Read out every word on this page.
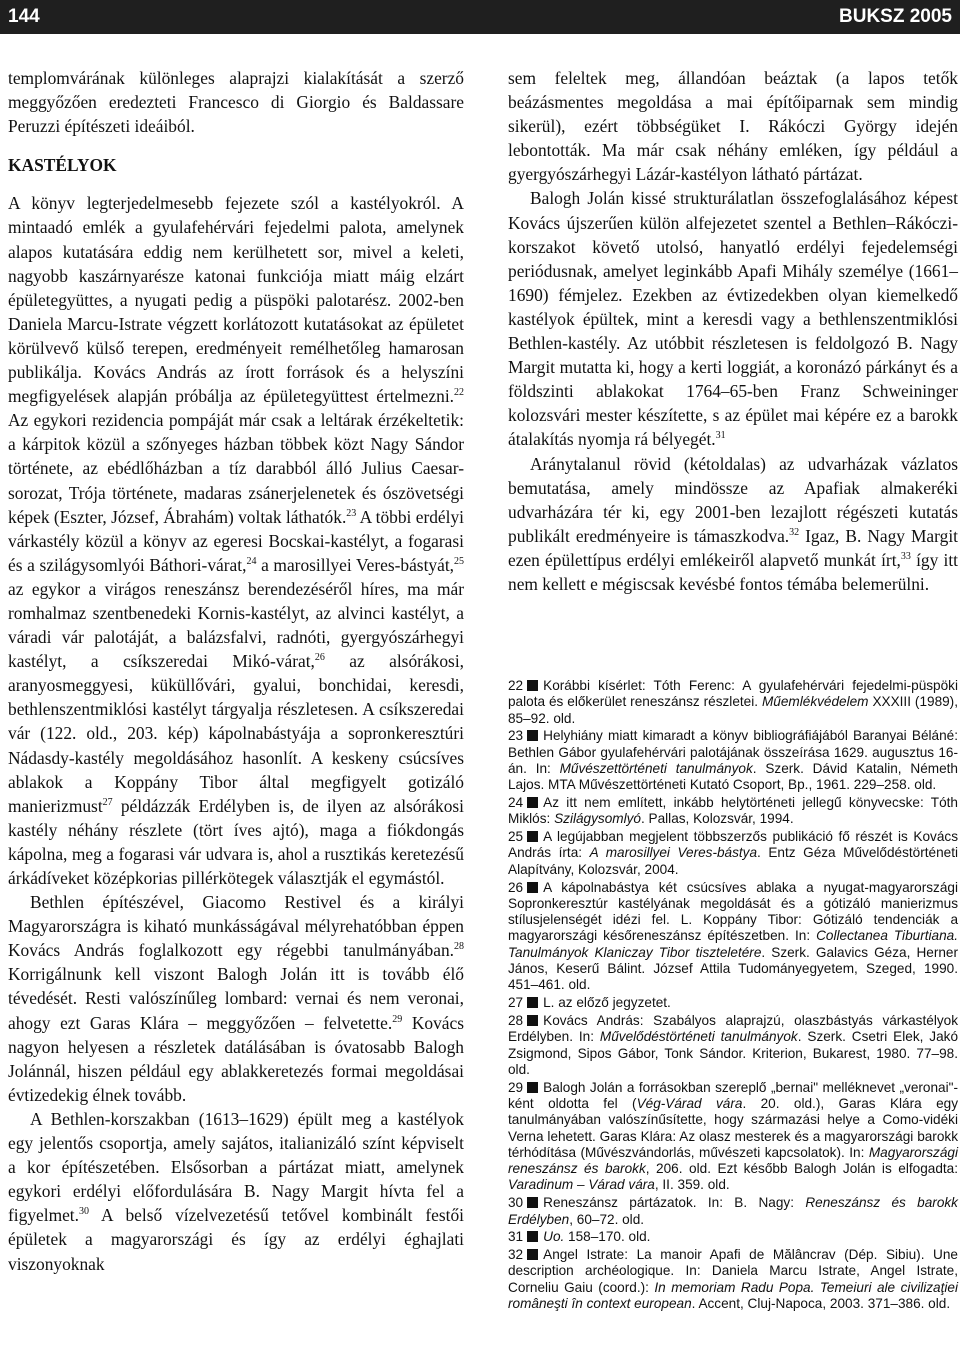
144	BUKSZ 2005

templomvárának különleges alaprajzi kialakítását a szerző meggyőzően eredezteti Francesco di Giorgio és Baldassare Peruzzi építészeti ideáiból.

KASTÉLYOK

A könyv legterjedelmesebb fejezete szól a kastélyokról. A mintaadó emlék a gyulafehérvári fejedelmi palota, amelynek alapos kutatására eddig nem kerülhetett sor, mivel a keleti, nagyobb kaszárnyarésze katonai funkciója miatt máig elzárt épületegyüttes, a nyugati pedig a püspöki palotarész. 2002-ben Daniela Marcu-Istrate végzett korlátozott kutatásokat az épületet körülvevő külső terepen, eredményeit remélhetőleg hamarosan publikálja. Kovács András az írott források és a helyszíni megfigyelések alapján próbálja az épületegyüttest értelmezni.$^{22}$ Az egykori rezidencia pompáját már csak a leltárak érzékeltetik: a kárpitok közül a szőnyeges házban többek közt Nagy Sándor története, az ebédlőházban a tíz darabból álló Julius Caesar-sorozat, Trója története, madaras zsánerjelenetek és ószövetségi képek (Eszter, József, Ábrahám) voltak láthatók.$^{23}$ A többi erdélyi várkastély közül a könyv az egeresi Bocskai-kastélyt, a fogarasi és a szilágysomlyói Báthori-várat,$^{24}$ a marosillyei Veres-bástyát,$^{25}$ az egykor a virágos reneszánsz berendezéséről híres, ma már romhalmaz szentbenedeki Kornis-kastélyt, az alvinci kastélyt, a váradi vár palotáját, a balázsfalvi, radnóti, gyergyószárhegyi kastélyt, a csíkszeredai Mikó-várat,$^{26}$ az alsórákosi, aranyosmeggyesi, küküllővári, gyalui, bonchidai, keresdi, bethlenszentmiklósi kastélyt tárgyalja részletesen. A csíkszeredai vár (122. old., 203. kép) kápolnabástyája a sopronkeresztúri Nádasdy-kastély megoldásához hasonlít. A keskeny csúcsíves ablakok a Koppány Tibor által megfigyelt gotizáló manierizmust$^{27}$ példázzák Erdélyben is, de ilyen az alsórákosi kastély néhány részlete (tört íves ajtó), maga a fiókdongás kápolna, meg a fogarasi vár udvara is, ahol a rusztikás keretezésű árkádíveket középkorias pillérkötegek választják el egymástól.

Bethlen építészével, Giacomo Restivel és a királyi Magyarországra is kiható munkásságával mélyrehatóbban éppen Kovács András foglalkozott egy régebbi tanulmányában.$^{28}$ Korrigálnunk kell viszont Balogh Jolán itt is tovább élő tévedését. Resti valószínűleg lombard: vernai és nem veronai, ahogy ezt Garas Klára – meggyőzően – felvetette.$^{29}$ Kovács nagyon helyesen a részletek datálásában is óvatosabb Balogh Jolánnál, hiszen például egy ablakkeretezés formai megoldásai évtizedekig élnek tovább.

A Bethlen-korszakban (1613–1629) épült meg a kastélyok egy jelentős csoportja, amely sajátos, italianizáló színt képviselt a kor építészetében. Elsősorban a pártázat miatt, amelynek egykori erdélyi előfordulására B. Nagy Margit hívta fel a figyelmet.$^{30}$ A belső vízelvezetésű tetővel kombinált festői épületek a magyarországi és így az erdélyi éghajlati viszonyoknak

sem feleltek meg, állandóan beáztak (a lapos tetők beázásmentes megoldása a mai építőiparnak sem mindig sikerül), ezért többségüket I. Rákóczi György idején lebontották. Ma már csak néhány emléken, így például a gyergyószárhegyi Lázár-kastélyon látható pártázat.

Balogh Jolán kissé strukturálatlan összefoglalásához képest Kovács újszerűen külön alfejezetet szentel a Bethlen–Rákóczi-korszakot követő utolsó, hanyatló erdélyi fejedelemségi periódusnak, amelyet leginkább Apafi Mihály személye (1661–1690) fémjelez. Ezekben az évtizedekben olyan kiemelkedő kastélyok épültek, mint a keresdi vagy a bethlenszentmiklósi Bethlen-kastély. Az utóbbit részletesen is feldolgozó B. Nagy Margit mutatta ki, hogy a kerti loggiát, a koronázó párkányt és a földszinti ablakokat 1764–65-ben Franz Schweininger kolozsvári mester készítette, s az épület mai képére ez a barokk átalakítás nyomja rá bélyegét.$^{31}$

Aránytalanul rövid (kétoldalas) az udvarházak vázlatos bemutatása, amely mindössze az Apafiak almakeréki udvarházára tér ki, egy 2001-ben lezajlott régészeti kutatás publikált eredményeire is támaszkodva.$^{32}$ Igaz, B. Nagy Margit ezen épülettípus erdélyi emlékeiről alapvető munkát írt,$^{33}$ így itt nem kellett e mégiscsak kevésbé fontos témába belemerülni.

22 Korábbi kísérlet: Tóth Ferenc: A gyulafehérvári fejedelmi-püspöki palota és előkerület reneszánsz részletei. Műemlékvédelem XXXIII (1989), 85–92. old.

23 Helyhiány miatt kimaradt a könyv bibliográfiájából Baranyai Béláné: Bethlen Gábor gyulafehérvári palotájának összeírása 1629. augusztus 16-án. In: Művészettörténeti tanulmányok. Szerk. Dávid Katalin, Németh Lajos. MTA Művészettörténeti Kutató Csoport, Bp., 1961. 229–258. old.

24 Az itt nem említett, inkább helytörténeti jellegű könyvecske: Tóth Miklós: Szilágysomlyó. Pallas, Kolozsvár, 1994.

25 A legújabban megjelent többszerzős publikáció fő részét is Kovács András írta: A marosillyei Veres-bástya. Entz Géza Művelődéstörténeti Alapítvány, Kolozsvár, 2004.

26 A kápolnabástya két csúcsíves ablaka a nyugat-magyarországi Sopronkeresztúr kastélyának megoldását és a gótizáló manierizmus stílusjelenségét idézi fel. L. Koppány Tibor: Gótizáló tendenciák a magyarországi későreneszánsz építészetben. In: Collectanea Tiburtiana. Tanulmányok Klaniczay Tibor tiszteletére. Szerk. Galavics Géza, Herner János, Keserű Bálint. József Attila Tudományegyetem, Szeged, 1990. 451–461. old.

27 L. az előző jegyzetet.

28 Kovács András: Szabályos alaprajzú, olaszbástyás várkastélyok Erdélyben. In: Művelődéstörténeti tanulmányok. Szerk. Csetri Elek, Jakó Zsigmond, Sipos Gábor, Tonk Sándor. Kriterion, Bukarest, 1980. 77–98. old.

29 Balogh Jolán a forrásokban szereplő „bernai" melléknevet „veronai"-ként oldotta fel (Vég-Várad vára. 20. old.), Garas Klára egy tanulmányában valószínűsítette, hogy származási helye a Como-vidéki Verna lehetett. Garas Klára: Az olasz mesterek és a magyarországi barokk térhódítása (Művészvándorlás, művészeti kapcsolatok). In: Magyarországi reneszánsz és barokk, 206. old. Ezt később Balogh Jolán is elfogadta: Varadinum – Várad vára, II. 359. old.

30 Reneszánsz pártázatok. In: B. Nagy: Reneszánsz és barokk Erdélyben, 60–72. old.

31 Uo. 158–170. old.

32 Angel Istrate: La manoir Apafi de Mălâncrav (Dép. Sibiu). Une description archéologique. In: Daniela Marcu Istrate, Angel Istrate, Corneliu Gaiu (coord.): In memoriam Radu Popa. Temeiuri ale civilizaţiei româneşti în context european. Accent, Cluj-Napoca, 2003. 371–386. old.
